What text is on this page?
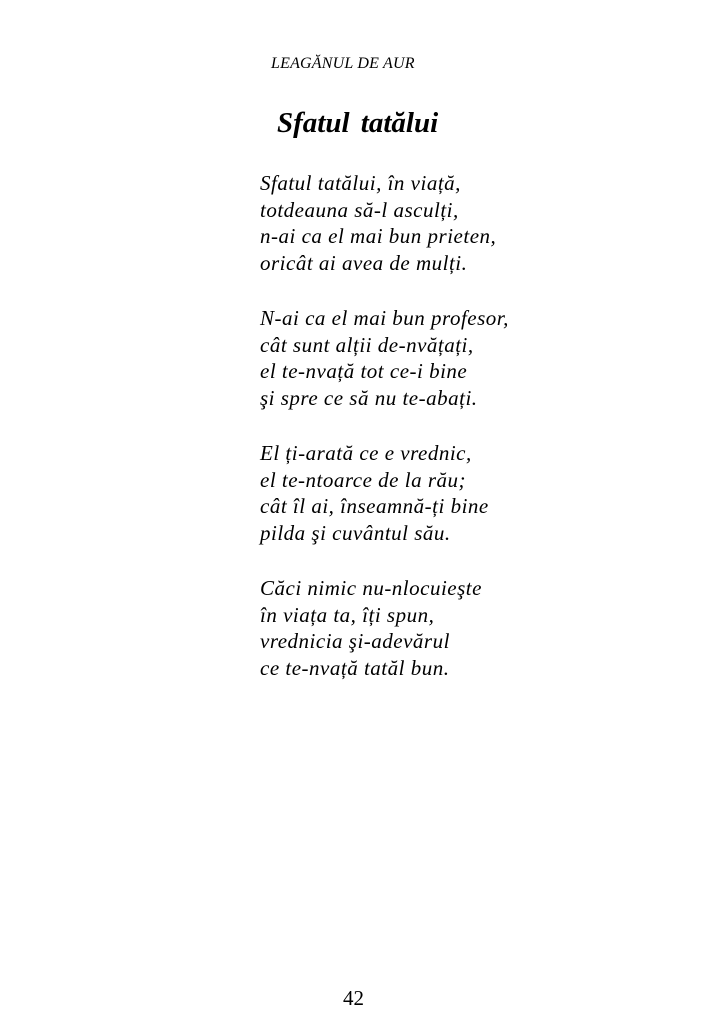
LEAGĂNUL DE AUR
Sfatul tatălui
Sfatul tatălui, în viață,
totdeauna să-l asculți,
n-ai ca el mai bun prieten,
oricât ai avea de mulți.
N-ai ca el mai bun profesor,
cât sunt alții de-nvățați,
el te-nvață tot ce-i bine
şi spre ce să nu te-abați.
El ți-arată ce e vrednic,
el te-ntoarce de la rău;
cât îl ai, înseamnă-ți bine
pilda şi cuvântul său.
Căci nimic nu-nlocuieşte
în viața ta, îți spun,
vrednicia şi-adevărul
ce te-nvață tatăl bun.
42
